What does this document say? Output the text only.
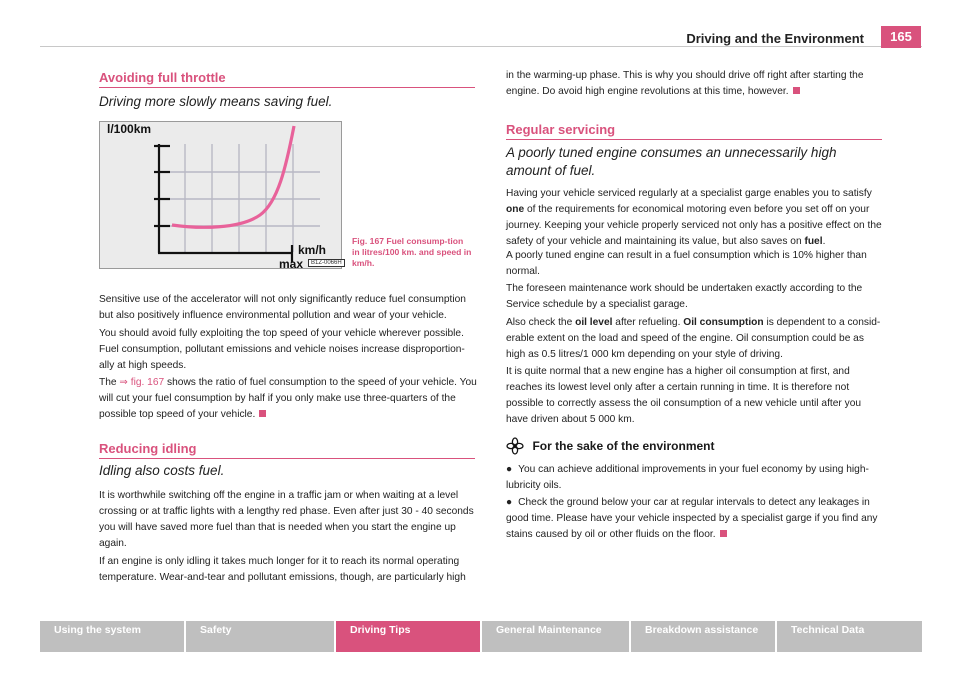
Driving and the Environment	165
Avoiding full throttle
Driving more slowly means saving fuel.
l/100km
km/h
max	B1Z-0066H
Fig. 167 Fuel consump-tion in litres/100 km. and speed in km/h.
Sensitive use of the accelerator will not only significantly reduce fuel consumption but also positively influence environmental pollution and wear of your vehicle.
You should avoid fully exploiting the top speed of your vehicle wherever possible. Fuel consumption, pollutant emissions and vehicle noises increase disproportion-ally at high speeds.
The ⇒ fig. 167 shows the ratio of fuel consumption to the speed of your vehicle. You will cut your fuel consumption by half if you only make use three-quarters of the possible top speed of your vehicle.
Reducing idling
Idling also costs fuel.
It is worthwhile switching off the engine in a traffic jam or when waiting at a level crossing or at traffic lights with a lengthy red phase. Even after just 30 - 40 seconds you will have saved more fuel than that is needed when you start the engine up again.
If an engine is only idling it takes much longer for it to reach its normal operating temperature. Wear-and-tear and pollutant emissions, though, are particularly high
in the warming-up phase. This is why you should drive off right after starting the engine. Do avoid high engine revolutions at this time, however.
Regular servicing
A poorly tuned engine consumes an unnecessarily high amount of fuel.
Having your vehicle serviced regularly at a specialist garge enables you to satisfy one of the requirements for economical motoring even before you set off on your journey. Keeping your vehicle properly serviced not only has a positive effect on the safety of your vehicle and maintaining its value, but also saves on fuel.
A poorly tuned engine can result in a fuel consumption which is 10% higher than normal.
The foreseen maintenance work should be undertaken exactly according to the Service schedule by a specialist garage.
Also check the oil level after refueling. Oil consumption is dependent to a consid-erable extent on the load and speed of the engine. Oil consumption could be as high as 0.5 litres/1 000 km depending on your style of driving.
It is quite normal that a new engine has a higher oil consumption at first, and reaches its lowest level only after a certain running in time. It is therefore not possible to correctly assess the oil consumption of a new vehicle until after you have driven about 5 000 km.
For the sake of the environment
● You can achieve additional improvements in your fuel economy by using high-lubricity oils.
● Check the ground below your car at regular intervals to detect any leakages in good time. Please have your vehicle inspected by a specialist garge if you find any stains caused by oil or other fluids on the floor.
Using the system	Safety	Driving Tips	General Maintenance	Breakdown assistance	Technical Data
